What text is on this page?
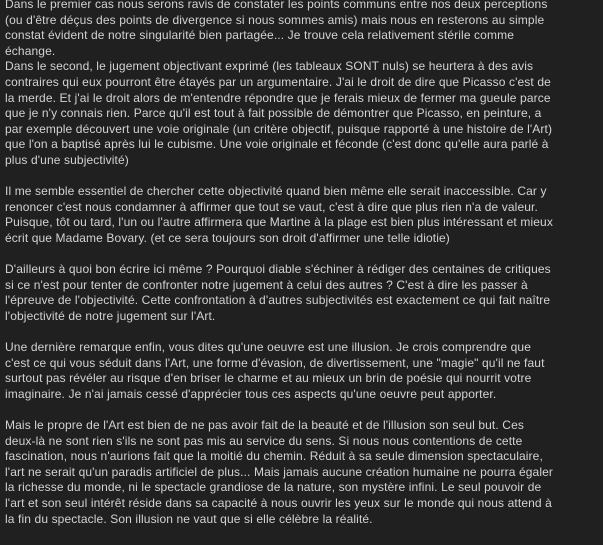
Dans le premier cas nous serons ravis de constater les points communs entre nos deux perceptions
(ou d'être déçus des points de divergence si nous sommes amis) mais nous en resterons au simple
constat évident de notre singularité bien partagée... Je trouve cela relativement stérile comme
échange.

Dans le second, le jugement objectivant exprimé (les tableaux SONT nuls) se heurtera à des avis
contraires qui eux pourront être étayés par un argumentaire. J'ai le droit de dire que Picasso c'est de
la merde. Et j'ai le droit alors de m'entendre répondre que je ferais mieux de fermer ma gueule parce
que je n'y connais rien. Parce qu'il est tout à fait possible de démontrer que Picasso, en peinture, a
par exemple découvert une voie originale (un critère objectif, puisque rapporté à une histoire de l'Art)
que l'on a baptisé après lui le cubisme. Une voie originale et féconde (c'est donc qu'elle aura parlé à
plus d'une subjectivité)

Il me semble essentiel de chercher cette objectivité quand bien même elle serait inaccessible. Car y
renoncer c'est nous condamner à affirmer que tout se vaut, c'est à dire que plus rien n'a de valeur.
Puisque, tôt ou tard, l'un ou l'autre affirmera que Martine à la plage est bien plus intéressant et mieux
écrit que Madame Bovary. (et ce sera toujours son droit d'affirmer une telle idiotie)

D'ailleurs à quoi bon écrire ici même ? Pourquoi diable s'échiner à rédiger des centaines de critiques
si ce n'est pour tenter de confronter notre jugement à celui des autres ? C'est à dire les passer à
l'épreuve de l'objectivité. Cette confrontation à d'autres subjectivités est exactement ce qui fait naître
l'objectivité de notre jugement sur l'Art.

Une dernière remarque enfin, vous dites qu'une oeuvre est une illusion. Je crois comprendre que
c'est ce qui vous séduit dans l'Art, une forme d'évasion, de divertissement, une "magie" qu'il ne faut
surtout pas révéler au risque d'en briser le charme et au mieux un brin de poésie qui nourrit votre
imaginaire. Je n'ai jamais cessé d'apprécier tous ces aspects qu'une oeuvre peut apporter.

Mais le propre de l'Art est bien de ne pas avoir fait de la beauté et de l'illusion son seul but. Ces
deux-là ne sont rien s'ils ne sont pas mis au service du sens. Si nous nous contentions de cette
fascination, nous n'aurions fait que la moitié du chemin. Réduit à sa seule dimension spectaculaire,
l'art ne serait qu'un paradis artificiel de plus... Mais jamais aucune création humaine ne pourra égaler
la richesse du monde, ni le spectacle grandiose de la nature, son mystère infini. Le seul pouvoir de
l'art et son seul intérêt réside dans sa capacité à nous ouvrir les yeux sur le monde qui nous attend à
la fin du spectacle. Son illusion ne vaut que si elle célèbre la réalité.
